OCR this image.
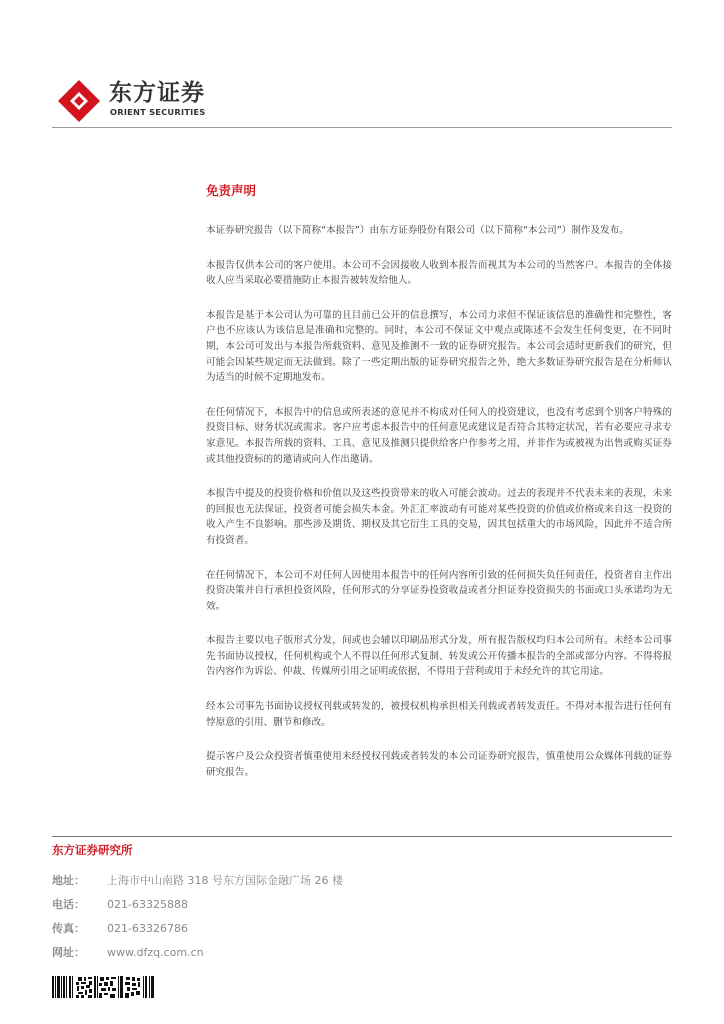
东方证券
ORIENT SECURITIES
免责声明

本证券研究报告（以下简称“本报告”）由东方证券股份有限公司（以下简称“本公司”）制作及发布。

本报告仅供本公司的客户使用。本公司不会因接收人收到本报告而视其为本公司的当然客户。本报告的全体接收人应当采取必要措施防止本报告被转发给他人。

本报告是基于本公司认为可靠的且目前已公开的信息撰写，本公司力求但不保证该信息的准确性和完整性，客户也不应该认为该信息是准确和完整的。同时，本公司不保证文中观点或陈述不会发生任何变更，在不同时期，本公司可发出与本报告所载资料、意见及推测不一致的证券研究报告。本公司会适时更新我们的研究，但可能会因某些规定而无法做到。除了一些定期出版的证券研究报告之外，绝大多数证券研究报告是在分析师认为适当的时候不定期地发布。

在任何情况下，本报告中的信息或所表述的意见并不构成对任何人的投资建议，也没有考虑到个别客户特殊的投资目标、财务状况或需求。客户应考虑本报告中的任何意见或建议是否符合其特定状况，若有必要应寻求专家意见。本报告所载的资料、工具、意见及推测只提供给客户作参考之用，并非作为或被视为出售或购买证券或其他投资标的的邀请或向人作出邀请。

本报告中提及的投资价格和价值以及这些投资带来的收入可能会波动。过去的表现并不代表未来的表现，未来的回报也无法保证，投资者可能会损失本金。外汇汇率波动有可能对某些投资的价值或价格或来自这一投资的收入产生不良影响。那些涉及期货、期权及其它衍生工具的交易，因其包括重大的市场风险，因此并不适合所有投资者。

在任何情况下，本公司不对任何人因使用本报告中的任何内容所引致的任何损失负任何责任，投资者自主作出投资决策并自行承担投资风险，任何形式的分享证券投资收益或者分担证券投资损失的书面或口头承诺均为无效。

本报告主要以电子版形式分发，间或也会辅以印刷品形式分发，所有报告版权均归本公司所有。未经本公司事先书面协议授权，任何机构或个人不得以任何形式复制、转发或公开传播本报告的全部或部分内容。不得将报告内容作为诉讼、仲裁、传媒所引用之证明或依据，不得用于营利或用于未经允许的其它用途。

经本公司事先书面协议授权刊载或转发的，被授权机构承担相关刊载或者转发责任。不得对本报告进行任何有悖原意的引用、删节和修改。

提示客户及公众投资者慎重使用未经授权刊载或者转发的本公司证券研究报告，慎重使用公众媒体刊载的证券研究报告。

东方证券研究所
地址：	上海市中山南路 318 号东方国际金融广场 26 楼
电话：	021-63325888
传真：	021-63326786
网址：	www.dfzq.com.cn
